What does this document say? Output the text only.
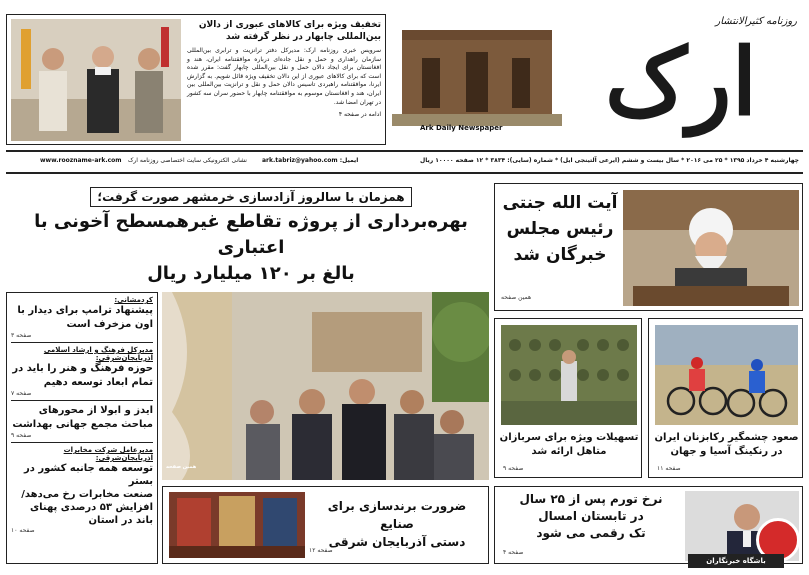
تخفیف ویژه برای کالاهای عبوری از دالان
بین‌المللی چابهار در نظر گرفته شد
سرویس خبری روزنامه ارک: مدیرکل دفتر ترانزیت و ترابری بین‌المللی سازمان راهداری و حمل و نقل جاده‌ای درباره موافقتنامه ایران، هند و افغانستان برای ایجاد دالان حمل و نقل بین‌المللی چابهار گفت: مقرر شده است که برای کالاهای عبوری از این دالان تخفیف ویژه قائل شویم. به گزارش ایرنا، موافقتنامه راهبردی تاسیس دالان حمل و نقل و ترانزیت بین‌المللی بین ایران، هند و افغانستان موسوم به موافقتنامه چابهار با حضور سران سه کشور در تهران امضا شد.
ادامه در صفحه ۴
Ark Daily Newspaper
روزنامه کثیرالانتشار
ارک
چهارشنبه ۴ خرداد ۱۳۹۵ * ۲۵ می ۲۰۱۶ * سال بیست و ششم (ایرعی آلتینجی ایل) * شماره (سایی): ۳۸۳۴ * ۱۲ صفحه ۱۰۰۰۰ ریال
ark.tabriz@yahoo.com :ایمیل
نشانی الکترونیکی سایت اختصاصی روزنامه ارک
www.roozname-ark.com
همزمان با سالروز آزادسازی خرمشهر صورت گرفت؛
بهره‌برداری از پروژه تقاطع غیرهمسطح آخونی با اعتباری
بالغ بر ۱۲۰ میلیارد ریال
آیت الله جنتی
رئیس مجلس
خبرگان شد
همین صفحه
همین صفحه
کردمشانی:
پیشنهاد ترامپ برای دیدار با اون مزخرف است
صفحه ۳
مدیرکل فرهنگ و ارشاد اسلامی آذربایجان‌شرقی:
حوزه فرهنگ و هنر را باید در تمام ابعاد توسعه دهیم
صفحه ۷
ایدز و ابولا از محورهای مباحث مجمع جهانی بهداشت
صفحه ۹
مدیرعامل شرکت مخابرات آذربایجان‌شرقی:
توسعه همه جانبه کشور در بستر
صنعت مخابرات رخ می‌دهد/
افزایش ۵۳ درصدی پهنای
باند در استان
صفحه ۱۰
تسهیلات ویژه برای سربازان
متاهل ارائه شد
صفحه ۹
صعود چشمگیر رکابزنان ایران
در رنکینگ آسیا و جهان
صفحه ۱۱
ضرورت برندسازی برای صنایع
دستی آذربایجان شرقی
صفحه ۱۲
نرخ تورم پس از ۲۵ سال
در تابستان امسال
تک رقمی می شود
صفحه ۴
باشگاه خبرنگاران
